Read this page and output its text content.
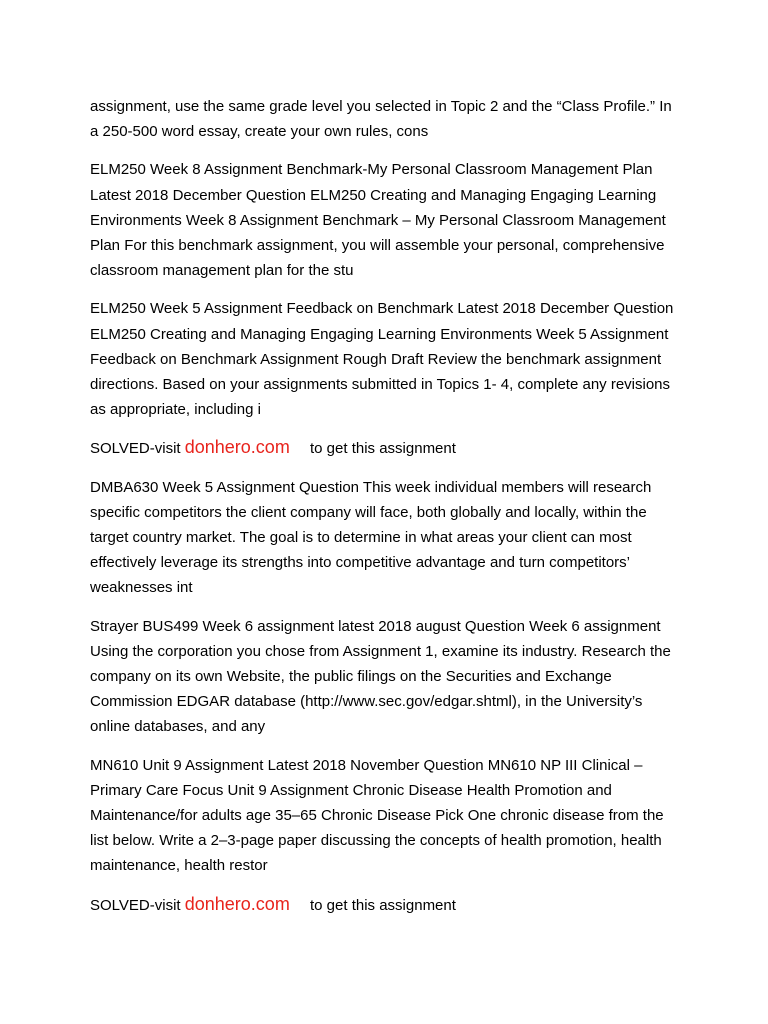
assignment, use the same grade level you selected in Topic 2 and the “Class Profile.” In a 250-500 word essay, create your own rules, cons

ELM250 Week 8 Assignment Benchmark-My Personal Classroom Management Plan Latest 2018 December Question ELM250 Creating and Managing Engaging Learning Environments Week 8 Assignment Benchmark – My Personal Classroom Management Plan For this benchmark assignment, you will assemble your personal, comprehensive classroom management plan for the stu

ELM250 Week 5 Assignment Feedback on Benchmark Latest 2018 December Question ELM250 Creating and Managing Engaging Learning Environments Week 5 Assignment Feedback on Benchmark Assignment Rough Draft Review the benchmark assignment directions. Based on your assignments submitted in Topics 1- 4, complete any revisions as appropriate, including i

SOLVED-visit donhero.com to get this assignment

DMBA630 Week 5 Assignment Question This week individual members will research specific competitors the client company will face, both globally and locally, within the target country market. The goal is to determine in what areas your client can most effectively leverage its strengths into competitive advantage and turn competitors’ weaknesses int

Strayer BUS499 Week 6 assignment latest 2018 august Question Week 6 assignment Using the corporation you chose from Assignment 1, examine its industry. Research the company on its own Website, the public filings on the Securities and Exchange Commission EDGAR database (http://www.sec.gov/edgar.shtml), in the University’s online databases, and any

MN610 Unit 9 Assignment Latest 2018 November Question MN610 NP III Clinical – Primary Care Focus Unit 9 Assignment Chronic Disease Health Promotion and Maintenance/for adults age 35–65 Chronic Disease Pick One chronic disease from the list below. Write a 2–3-page paper discussing the concepts of health promotion, health maintenance, health restor

SOLVED-visit donhero.com to get this assignment
